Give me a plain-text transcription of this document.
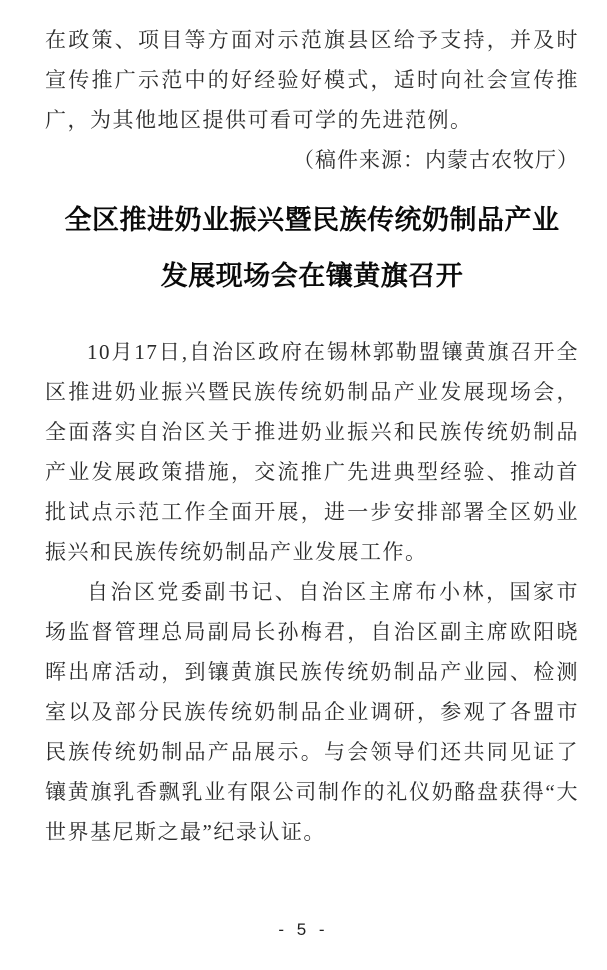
在政策、项目等方面对示范旗县区给予支持，并及时宣传推广示范中的好经验好模式，适时向社会宣传推广，为其他地区提供可看可学的先进范例。

（稿件来源：内蒙古农牧厅）

全区推进奶业振兴暨民族传统奶制品产业
发展现场会在镶黄旗召开

10月17日,自治区政府在锡林郭勒盟镶黄旗召开全区推进奶业振兴暨民族传统奶制品产业发展现场会，全面落实自治区关于推进奶业振兴和民族传统奶制品产业发展政策措施，交流推广先进典型经验、推动首批试点示范工作全面开展，进一步安排部署全区奶业振兴和民族传统奶制品产业发展工作。

自治区党委副书记、自治区主席布小林，国家市场监督管理总局副局长孙梅君，自治区副主席欧阳晓晖出席活动，到镶黄旗民族传统奶制品产业园、检测室以及部分民族传统奶制品企业调研，参观了各盟市民族传统奶制品产品展示。与会领导们还共同见证了镶黄旗乳香飘乳业有限公司制作的礼仪奶酪盘获得“大世界基尼斯之最”纪录认证。

- 5 -
